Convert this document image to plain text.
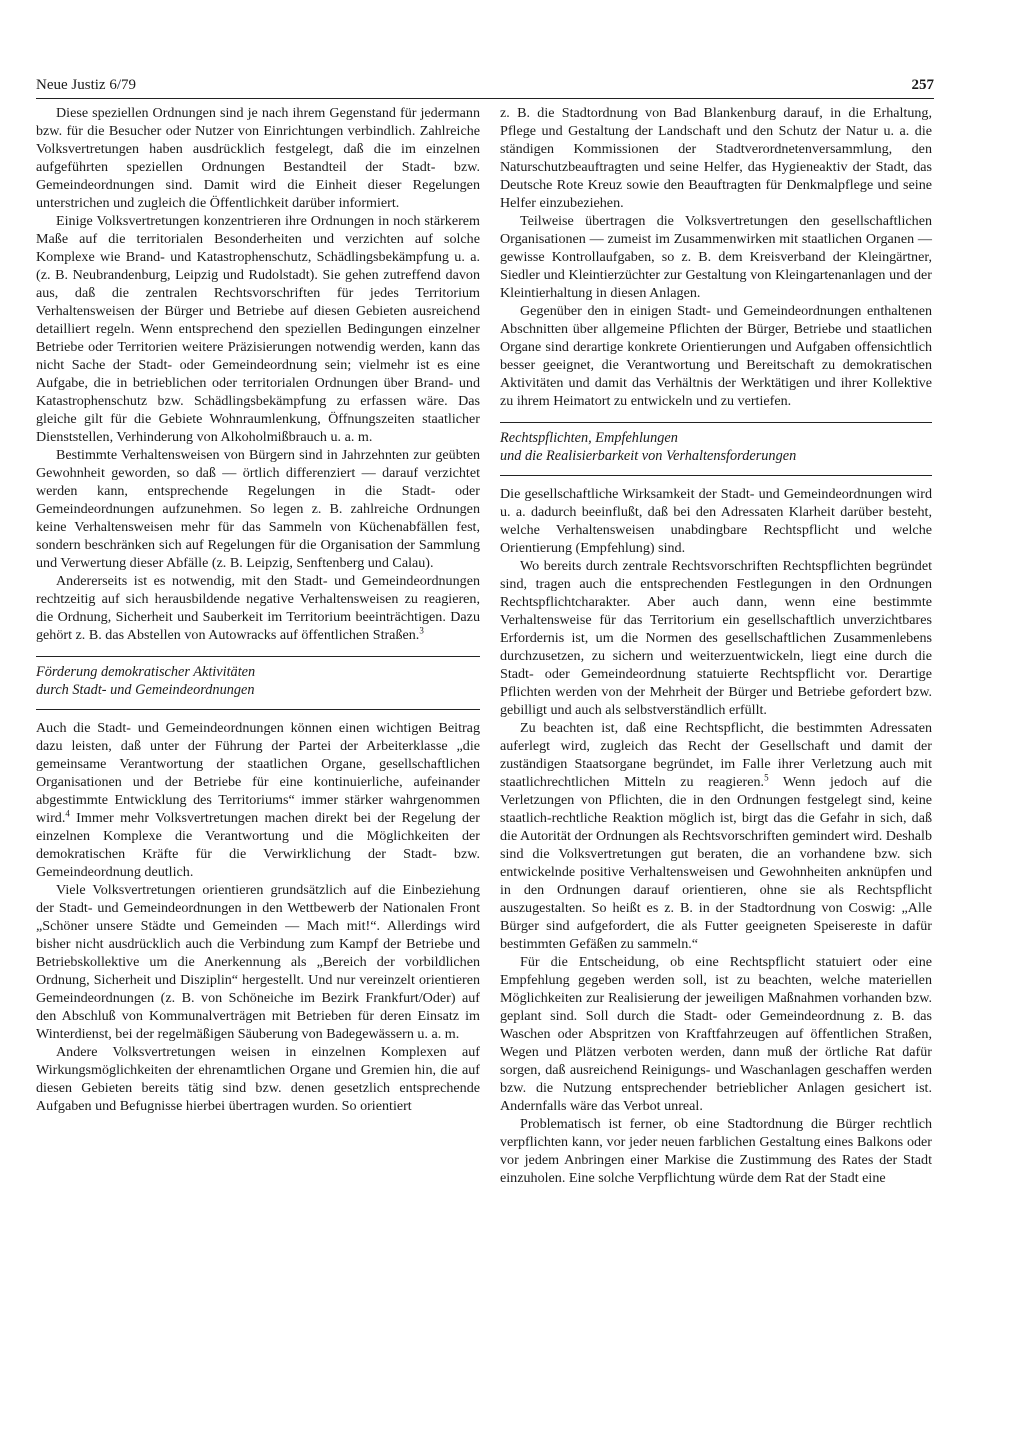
Neue Justiz 6/79	257

Diese speziellen Ordnungen sind je nach ihrem Gegenstand für jedermann bzw. für die Besucher oder Nutzer von Einrichtungen verbindlich. Zahlreiche Volksvertretungen haben ausdrücklich festgelegt, daß die im einzelnen aufgeführten speziellen Ordnungen Bestandteil der Stadt- bzw. Gemeindeordnungen sind. Damit wird die Einheit dieser Regelungen unterstrichen und zugleich die Öffentlichkeit darüber informiert.

Einige Volksvertretungen konzentrieren ihre Ordnungen in noch stärkerem Maße auf die territorialen Besonderheiten und verzichten auf solche Komplexe wie Brand- und Katastrophenschutz, Schädlingsbekämpfung u. a. (z. B. Neubrandenburg, Leipzig und Rudolstadt). Sie gehen zutreffend davon aus, daß die zentralen Rechtsvorschriften für jedes Territorium Verhaltensweisen der Bürger und Betriebe auf diesen Gebieten ausreichend detailliert regeln. Wenn entsprechend den speziellen Bedingungen einzelner Betriebe oder Territorien weitere Präzisierungen notwendig werden, kann das nicht Sache der Stadt- oder Gemeindeordnung sein; vielmehr ist es eine Aufgabe, die in betrieblichen oder territorialen Ordnungen über Brand- und Katastrophenschutz bzw. Schädlingsbekämpfung zu erfassen wäre. Das gleiche gilt für die Gebiete Wohnraumlenkung, Öffnungszeiten staatlicher Dienststellen, Verhinderung von Alkoholmißbrauch u. a. m.

Bestimmte Verhaltensweisen von Bürgern sind in Jahrzehnten zur geübten Gewohnheit geworden, so daß — örtlich differenziert — darauf verzichtet werden kann, entsprechende Regelungen in die Stadt- oder Gemeindeordnungen aufzunehmen. So legen z. B. zahlreiche Ordnungen keine Verhaltensweisen mehr für das Sammeln von Küchenabfällen fest, sondern beschränken sich auf Regelungen für die Organisation der Sammlung und Verwertung dieser Abfälle (z. B. Leipzig, Senftenberg und Calau).

Andererseits ist es notwendig, mit den Stadt- und Gemeindeordnungen rechtzeitig auf sich herausbildende negative Verhaltensweisen zu reagieren, die Ordnung, Sicherheit und Sauberkeit im Territorium beeinträchtigen. Dazu gehört z. B. das Abstellen von Autowracks auf öffentlichen Straßen.$^3$

Förderung demokratischer Aktivitäten
durch Stadt- und Gemeindeordnungen

Auch die Stadt- und Gemeindeordnungen können einen wichtigen Beitrag dazu leisten, daß unter der Führung der Partei der Arbeiterklasse „die gemeinsame Verantwortung der staatlichen Organe, gesellschaftlichen Organisationen und der Betriebe für eine kontinuierliche, aufeinander abgestimmte Entwicklung des Territoriums“ immer stärker wahrgenommen wird.$^4$ Immer mehr Volksvertretungen machen direkt bei der Regelung der einzelnen Komplexe die Verantwortung und die Möglichkeiten der demokratischen Kräfte für die Verwirklichung der Stadt- bzw. Gemeindeordnung deutlich.

Viele Volksvertretungen orientieren grundsätzlich auf die Einbeziehung der Stadt- und Gemeindeordnungen in den Wettbewerb der Nationalen Front „Schöner unsere Städte und Gemeinden — Mach mit!“. Allerdings wird bisher nicht ausdrücklich auch die Verbindung zum Kampf der Betriebe und Betriebskollektive um die Anerkennung als „Bereich der vorbildlichen Ordnung, Sicherheit und Disziplin“ hergestellt. Und nur vereinzelt orientieren Gemeindeordnungen (z. B. von Schöneiche im Bezirk Frankfurt/Oder) auf den Abschluß von Kommunalverträgen mit Betrieben für deren Einsatz im Winterdienst, bei der regelmäßigen Säuberung von Badegewässern u. a. m.

Andere Volksvertretungen weisen in einzelnen Komplexen auf Wirkungsmöglichkeiten der ehrenamtlichen Organe und Gremien hin, die auf diesen Gebieten bereits tätig sind bzw. denen gesetzlich entsprechende Aufgaben und Befugnisse hierbei übertragen wurden. So orientiert

z. B. die Stadtordnung von Bad Blankenburg darauf, in die Erhaltung, Pflege und Gestaltung der Landschaft und den Schutz der Natur u. a. die ständigen Kommissionen der Stadtverordnetenversammlung, den Naturschutzbeauftragten und seine Helfer, das Hygieneaktiv der Stadt, das Deutsche Rote Kreuz sowie den Beauftragten für Denkmalpflege und seine Helfer einzubeziehen.

Teilweise übertragen die Volksvertretungen den gesellschaftlichen Organisationen — zumeist im Zusammenwirken mit staatlichen Organen — gewisse Kontrollaufgaben, so z. B. dem Kreisverband der Kleingärtner, Siedler und Kleintierzüchter zur Gestaltung von Kleingartenanlagen und der Kleintierhaltung in diesen Anlagen.

Gegenüber den in einigen Stadt- und Gemeindeordnungen enthaltenen Abschnitten über allgemeine Pflichten der Bürger, Betriebe und staatlichen Organe sind derartige konkrete Orientierungen und Aufgaben offensichtlich besser geeignet, die Verantwortung und Bereitschaft zu demokratischen Aktivitäten und damit das Verhältnis der Werktätigen und ihrer Kollektive zu ihrem Heimatort zu entwickeln und zu vertiefen.

Rechtspflichten, Empfehlungen
und die Realisierbarkeit von Verhaltensforderungen

Die gesellschaftliche Wirksamkeit der Stadt- und Gemeindeordnungen wird u. a. dadurch beeinflußt, daß bei den Adressaten Klarheit darüber besteht, welche Verhaltensweisen unabdingbare Rechtspflicht und welche Orientierung (Empfehlung) sind.

Wo bereits durch zentrale Rechtsvorschriften Rechtspflichten begründet sind, tragen auch die entsprechenden Festlegungen in den Ordnungen Rechtspflichtcharakter. Aber auch dann, wenn eine bestimmte Verhaltensweise für das Territorium ein gesellschaftlich unverzichtbares Erfordernis ist, um die Normen des gesellschaftlichen Zusammenlebens durchzusetzen, zu sichern und weiterzuentwickeln, liegt eine durch die Stadt- oder Gemeindeordnung statuierte Rechtspflicht vor. Derartige Pflichten werden von der Mehrheit der Bürger und Betriebe gefordert bzw. gebilligt und auch als selbstverständlich erfüllt.

Zu beachten ist, daß eine Rechtspflicht, die bestimmten Adressaten auferlegt wird, zugleich das Recht der Gesellschaft und damit der zuständigen Staatsorgane begründet, im Falle ihrer Verletzung auch mit staatlichrechtlichen Mitteln zu reagieren.$^5$ Wenn jedoch auf die Verletzungen von Pflichten, die in den Ordnungen festgelegt sind, keine staatlich-rechtliche Reaktion möglich ist, birgt das die Gefahr in sich, daß die Autorität der Ordnungen als Rechtsvorschriften gemindert wird. Deshalb sind die Volksvertretungen gut beraten, die an vorhandene bzw. sich entwickelnde positive Verhaltensweisen und Gewohnheiten anknüpfen und in den Ordnungen darauf orientieren, ohne sie als Rechtspflicht auszugestalten. So heißt es z. B. in der Stadtordnung von Coswig: „Alle Bürger sind aufgefordert, die als Futter geeigneten Speisereste in dafür bestimmten Gefäßen zu sammeln.“

Für die Entscheidung, ob eine Rechtspflicht statuiert oder eine Empfehlung gegeben werden soll, ist zu beachten, welche materiellen Möglichkeiten zur Realisierung der jeweiligen Maßnahmen vorhanden bzw. geplant sind. Soll durch die Stadt- oder Gemeindeordnung z. B. das Waschen oder Abspritzen von Kraftfahrzeugen auf öffentlichen Straßen, Wegen und Plätzen verboten werden, dann muß der örtliche Rat dafür sorgen, daß ausreichend Reinigungs- und Waschanlagen geschaffen werden bzw. die Nutzung entsprechender betrieblicher Anlagen gesichert ist. Andernfalls wäre das Verbot unreal.

Problematisch ist ferner, ob eine Stadtordnung die Bürger rechtlich verpflichten kann, vor jeder neuen farblichen Gestaltung eines Balkons oder vor jedem Anbringen einer Markise die Zustimmung des Rates der Stadt einzuholen. Eine solche Verpflichtung würde dem Rat der Stadt eine
